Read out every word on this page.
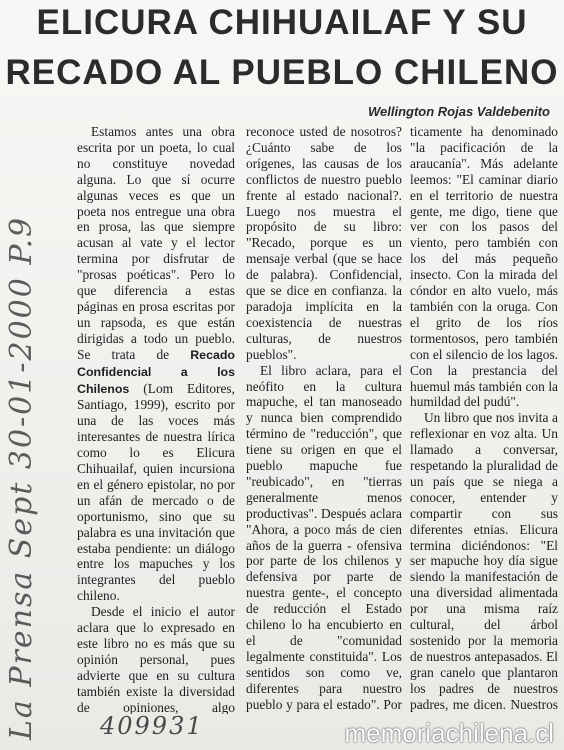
ELICURA CHIHUAILAF Y SU
RECADO AL PUEBLO CHILENO
Wellington Rojas Valdebenito

Estamos antes una obra escrita por un poeta, lo cual no constituye novedad alguna. Lo que sí ocurre algunas veces es que un poeta nos entregue una obra en prosa, las que siempre acusan al vate y el lector termina por disfrutar de "prosas poéticas". Pero lo que diferencia a estas páginas en prosa escritas por un rapsoda, es que están dirigidas a todo un pueblo. Se trata de Recado Confidencial a los Chilenos (Lom Editores, Santiago, 1999), escrito por una de las voces más interesantes de nuestra lírica como lo es Elicura Chihuailaf, quien incursiona en el género epistolar, no por un afán de mercado o de oportunismo, sino que su palabra es una invitación que estaba pendiente: un diálogo entre los mapuches y los integrantes del pueblo chileno.

Desde el inicio el autor aclara que lo expresado en este libro no es más que su opinión personal, pues advierte que en su cultura también existe la diversidad de opiniones, algo

reconoce usted de nosotros? ¿Cuánto sabe de los orígenes, las causas de los conflictos de nuestro pueblo frente al estado nacional?. Luego nos muestra el propósito de su libro: "Recado, porque es un mensaje verbal (que se hace de palabra). Confidencial, que se dice en confianza. la paradoja implícita en la coexistencia de nuestras culturas, de nuestros pueblos".

El libro aclara, para el neófito en la cultura mapuche, el tan manoseado y nunca bien comprendido término de "reducción", que tiene su origen en que el pueblo mapuche fue "reubicado", en "tierras generalmente menos productivas". Después aclara "Ahora, a poco más de cien años de la guerra - ofensiva por parte de los chilenos y defensiva por parte de nuestra gente-, el concepto de reducción el Estado chileno lo ha encubierto en el de "comunidad legalmente constituida". Los sentidos son como ve, diferentes para nuestro pueblo y para el estado". Por

ticamente ha denominado "la pacificación de la araucanía". Más adelante leemos: "El caminar diario en el territorio de nuestra gente, me digo, tiene que ver con los pasos del viento, pero también con los del más pequeño insecto. Con la mirada del cóndor en alto vuelo, más también con la oruga. Con el grito de los ríos tormentosos, pero también con el silencio de los lagos. Con la prestancia del huemul más también con la humildad del pudú".

Un libro que nos invita a reflexionar en voz alta. Un llamado a conversar, respetando la pluralidad de un país que se niega a conocer, entender y compartir con sus diferentes etnias. Elicura termina diciéndonos: "El ser mapuche hoy día sigue siendo la manifestación de una diversidad alimentada por una misma raíz cultural, del árbol sostenido por la memoria de nuestros antepasados. El gran canelo que plantaron los padres de nuestros padres, me dicen. Nuestros

La Prensa Sept 30-01-2000 P.9	409931	memoriachilena.cl
